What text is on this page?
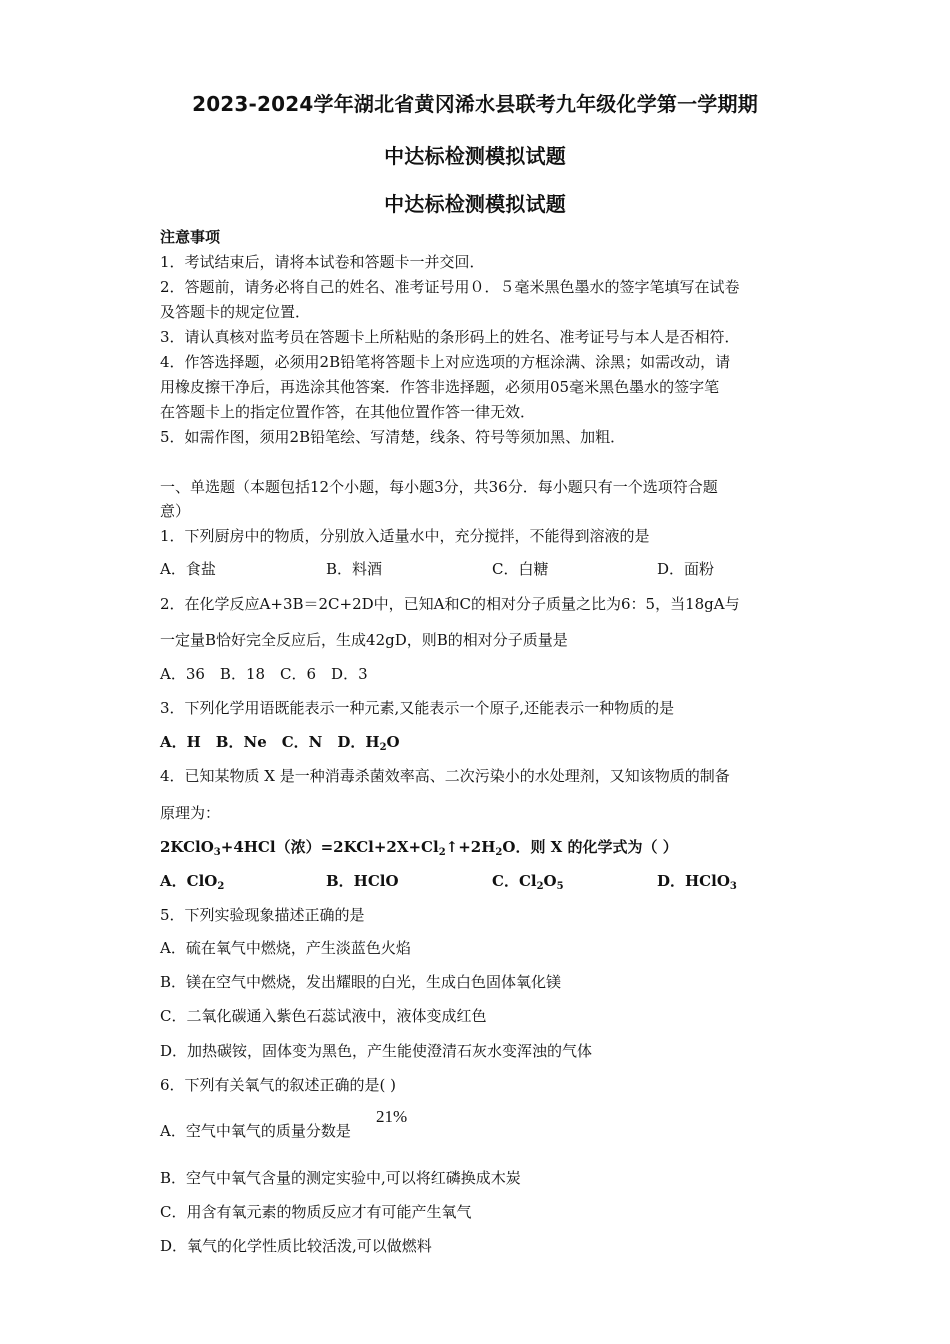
2023-2024学年湖北省黄冈浠水县联考九年级化学第一学期期
中达标检测模拟试题
中达标检测模拟试题
注意事项
1．考试结束后，请将本试卷和答题卡一并交回．
2．答题前，请务必将自己的姓名、准考证号用０．５毫米黑色墨水的签字笔填写在试卷
及答题卡的规定位置．
3．请认真核对监考员在答题卡上所粘贴的条形码上的姓名、准考证号与本人是否相符．
4．作答选择题，必须用2B铅笔将答题卡上对应选项的方框涂满、涂黑；如需改动，请
用橡皮擦干净后，再选涂其他答案．作答非选择题，必须用05毫米黑色墨水的签字笔
在答题卡上的指定位置作答，在其他位置作答一律无效．
5．如需作图，须用2B铅笔绘、写清楚，线条、符号等须加黑、加粗．
一、单选题（本题包括12个小题，每小题3分，共36分．每小题只有一个选项符合题
意）
1．下列厨房中的物质，分别放入适量水中，充分搅拌，不能得到溶液的是
A．食盐	B．料酒	C．白糖	D．面粉
2．在化学反应A+3B＝2C+2D中，已知A和C的相对分子质量之比为6：5，当18gA与
一定量B恰好完全反应后，生成42gD，则B的相对分子质量是
A．36　B．18　C．6　D．3
3．下列化学用语既能表示一种元素,又能表示一个原子,还能表示一种物质的是
A．H　B．Ne　C．N　D．$H_2O$
4．已知某物质 X 是一种消毒杀菌效率高、二次污染小的水处理剂，又知该物质的制备
原理为：
2KClO$_3$+4HCl（浓）$=2KCl+2X+Cl_2↑+2H_2O$．则 X 的化学式为（ ）
A．ClO$_2$	B．HClO	C．$Cl_2O_5$	D．HClO$_3$
5．下列实验现象描述正确的是
A．硫在氧气中燃烧，产生淡蓝色火焰
B．镁在空气中燃烧，发出耀眼的白光，生成白色固体氧化镁
C．二氧化碳通入紫色石蕊试液中，液体变成红色
D．加热碳铵，固体变为黑色，产生能使澄清石灰水变浑浊的气体
6．下列有关氧气的叙述正确的是( )
A．空气中氧气的质量分数是
21%
B．空气中氧气含量的测定实验中,可以将红磷换成木炭
C．用含有氧元素的物质反应才有可能产生氧气
D．氧气的化学性质比较活泼,可以做燃料
